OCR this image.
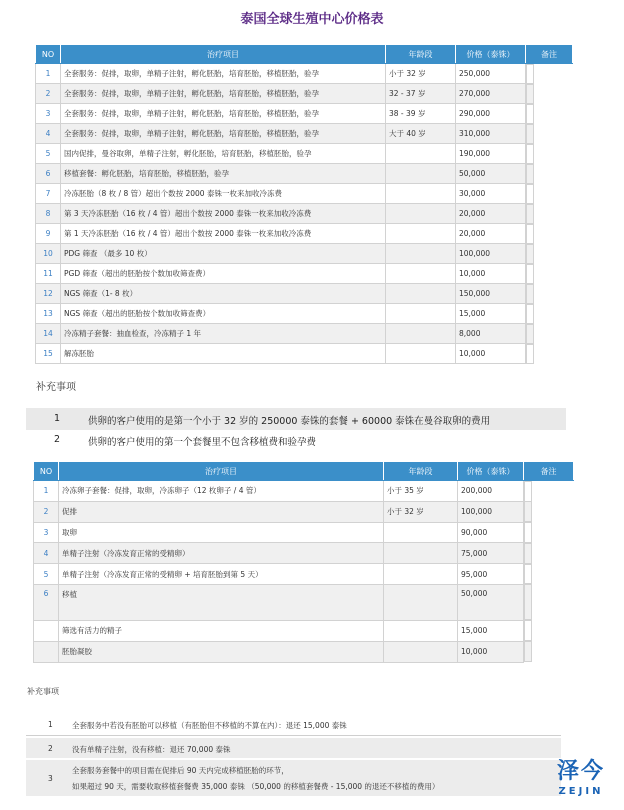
泰国全球生殖中心价格表
NO	治疗项目	年龄段	价格（泰铢）	备注
1	全套服务：促排，取卵，单精子注射，孵化胚胎，培育胚胎，移植胚胎，验孕	小于 32 岁	250,000	

2	全套服务：促排，取卵，单精子注射，孵化胚胎，培育胚胎，移植胚胎，验孕	32 - 37 岁	270,000	

3	全套服务：促排，取卵，单精子注射，孵化胚胎，培育胚胎，移植胚胎，验孕	38 - 39 岁	290,000	

4	全套服务：促排，取卵，单精子注射，孵化胚胎，培育胚胎，移植胚胎，验孕	大于 40 岁	310,000	

5	国内促排，曼谷取卵，单精子注射，孵化胚胎，培育胚胎，移植胚胎，验孕		190,000	

6	移植套餐：孵化胚胎，培育胚胎，移植胚胎，验孕		50,000	

7	冷冻胚胎（8 枚 / 8 管）超出个数按 2000 泰铢一枚来加收冷冻费		30,000	

8	第 3 天冷冻胚胎（16 枚 / 4 管）超出个数按 2000 泰铢一枚来加收冷冻费		20,000	

9	第 1 天冷冻胚胎（16 枚 / 4 管）超出个数按 2000 泰铢一枚来加收冷冻费		20,000	

10	PDG 筛查 （最多 10 枚）		100,000	

11	PGD 筛查（超出的胚胎按个数加收筛查费）		10,000	

12	NGS 筛查（1- 8 枚）		150,000	

13	NGS 筛查（超出的胚胎按个数加收筛查费）		15,000	

14	冷冻精子套餐：抽血检查，冷冻精子 1 年		8,000	

15	解冻胚胎		10,000	
补充事项
1	供卵的客户使用的是第一个小于 32 岁的 250000 泰铢的套餐 + 60000 泰铢在曼谷取卵的费用
2	供卵的客户使用的第一个套餐里不包含移植费和验孕费
NO	治疗项目	年龄段	价格（泰铢）	备注
1	冷冻卵子套餐：促排，取卵，冷冻卵子（12 枚卵子 / 4 管）	小于 35 岁	200,000	

2	促排	小于 32 岁	100,000	

3	取卵		90,000	

4	单精子注射（冷冻发育正常的受精卵）		75,000	

5	单精子注射（冷冻发育正常的受精卵 + 培育胚胎到第 5 天）		95,000	

6	移植		50,000	

	筛选有活力的精子		15,000	

	胚胎凝胶		10,000	
补充事项
1	全套服务中若没有胚胎可以移植（有胚胎但不移植的不算在内）：退还 15,000 泰铢
2	没有单精子注射，没有移植：退还 70,000 泰铢
3
全套服务套餐中的项目需在促排后 90 天内完成移植胚胎的环节，
如果超过 90 天，需要收取移植套餐费 35,000 泰铢 （50,000 的移植套餐费 - 15,000 的退还不移植的费用）
泽今
ZEJIN
